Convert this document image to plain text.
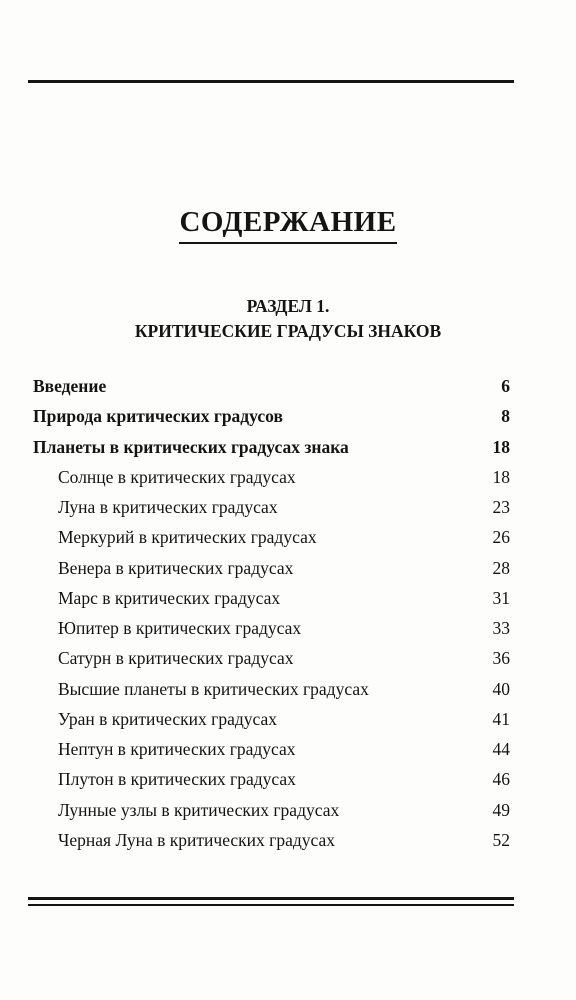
СОДЕРЖАНИЕ
РАЗДЕЛ 1.
КРИТИЧЕСКИЕ ГРАДУСЫ ЗНАКОВ
Введение	6
Природа критических градусов	8
Планеты в критических градусах знака	18
Солнце в критических градусах	18
Луна в критических градусах	23
Меркурий в критических градусах	26
Венера в критических градусах	28
Марс в критических градусах	31
Юпитер в критических градусах	33
Сатурн в критических градусах	36
Высшие планеты в критических градусах	40
Уран в критических градусах	41
Нептун в критических градусах	44
Плутон в критических градусах	46
Лунные узлы в критических градусах	49
Черная Луна в критических градусах	52
